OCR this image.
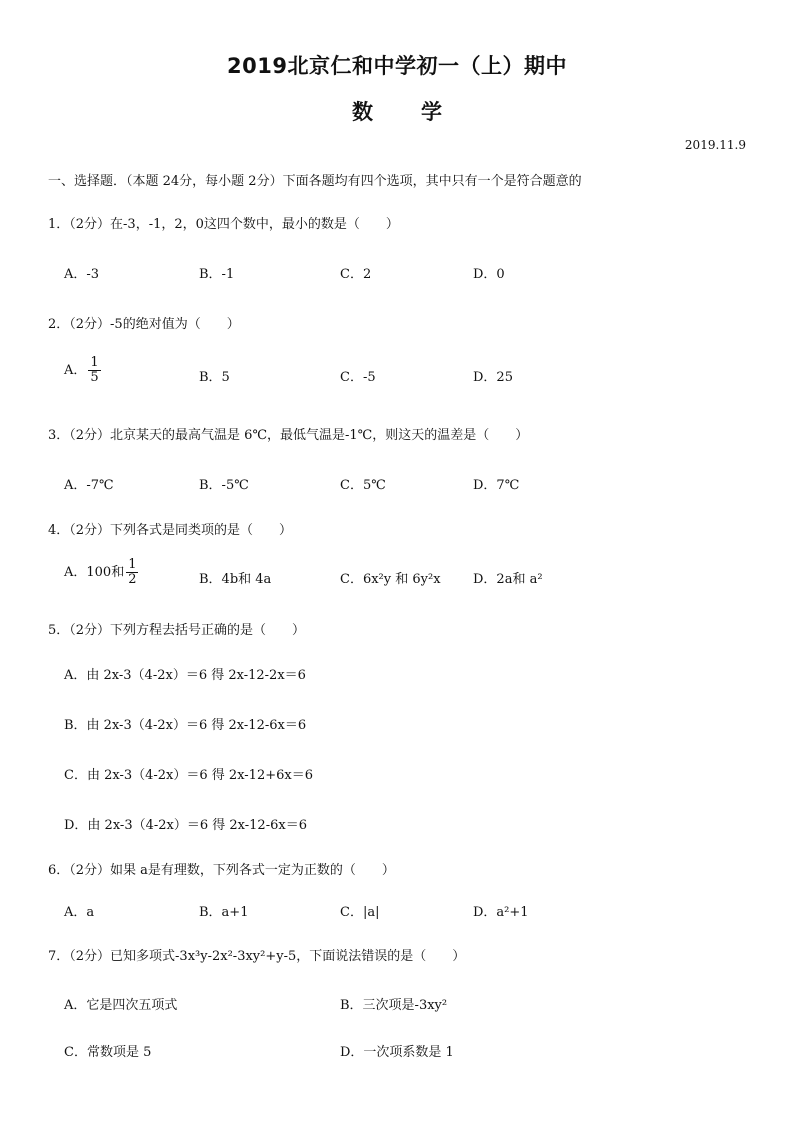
2019北京仁和中学初一（上）期中
数学
2019.11.9
一、选择题．（本题 24分，每小题 2分）下面各题均有四个选项，其中只有一个是符合题意的
1．（2分）在-3，-1，2，0这四个数中，最小的数是（　　）
A．-3	B．-1	C．2	D．0
2．（2分）-5的绝对值为（　　）
A． $\frac{1}{5}$	B．5	C．-5	D．25
3．（2分）北京某天的最高气温是 6℃，最低气温是-1℃，则这天的温差是（　　）
A．-7℃	B．-5℃	C．5℃	D．7℃
4．（2分）下列各式是同类项的是（　　）
A．100和 $\frac{1}{2}$	B．4b和 4a	C．6x²y 和 6y²x D．2a和 a²
5．（2分）下列方程去括号正确的是（　　）
A．由 2x-3（4-2x）＝6 得 2x-12-2x＝6
B．由 2x-3（4-2x）＝6 得 2x-12-6x＝6
C．由 2x-3（4-2x）＝6 得 2x-12+6x＝6
D．由 2x-3（4-2x）＝6 得 2x-12-6x＝6
6．（2分）如果 a是有理数，下列各式一定为正数的（　　）
A．a	B．a+1	C．|a|	D．a²+1
7．（2分）已知多项式-3x³y-2x²-3xy²+y-5，下面说法错误的是（　　）
A．它是四次五项式	B．三次项是-3xy²
C．常数项是 5	D．一次项系数是 1
